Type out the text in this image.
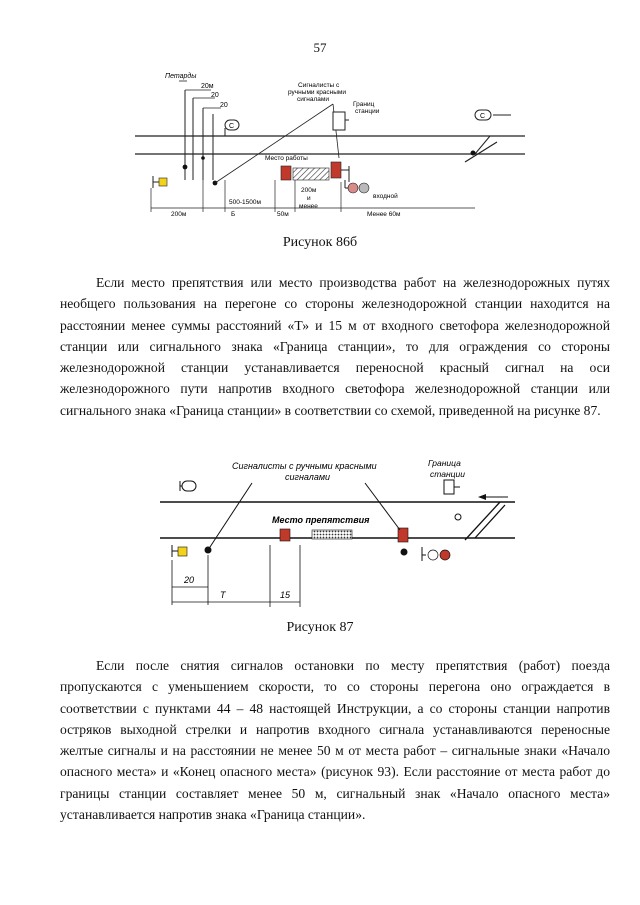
57
Петарды
20м
20
20
С
Сигналисты с
ручными красными
сигналами
Границ
станции
Место работы
входной
С
200м
500-1500м
Б	50м
200м
и
менее
Менее 60м
Рисунок 86б

Если место препятствия или место производства работ на железнодорожных путях необщего пользования на перегоне со стороны железнодорожной станции находится на расстоянии менее суммы расстояний «Т» и 15 м от входного светофора железнодорожной станции или сигнального знака «Граница станции», то для ограждения со стороны железнодорожной станции устанавливается переносной красный сигнал на оси железнодорожного пути напротив входного светофора железнодорожной станции или сигнального знака «Граница станции» в соответствии со схемой, приведенной на рисунке 87.

Сигналисты с ручными красными
сигналами
Граница
станции
Место препятствия
20
Т	15
Рисунок 87

Если после снятия сигналов остановки по месту препятствия (работ) поезда пропускаются с уменьшением скорости, то со стороны перегона оно ограждается в соответствии с пунктами 44 – 48 настоящей Инструкции, а со стороны станции напротив остряков выходной стрелки и напротив входного сигнала устанавливаются переносные желтые сигналы и на расстоянии не менее 50 м от места работ – сигнальные знаки «Начало опасного места» и «Конец опасного места» (рисунок 93). Если расстояние от места работ до границы станции составляет менее 50 м, сигнальный знак «Начало опасного места» устанавливается напротив знака «Граница станции».
